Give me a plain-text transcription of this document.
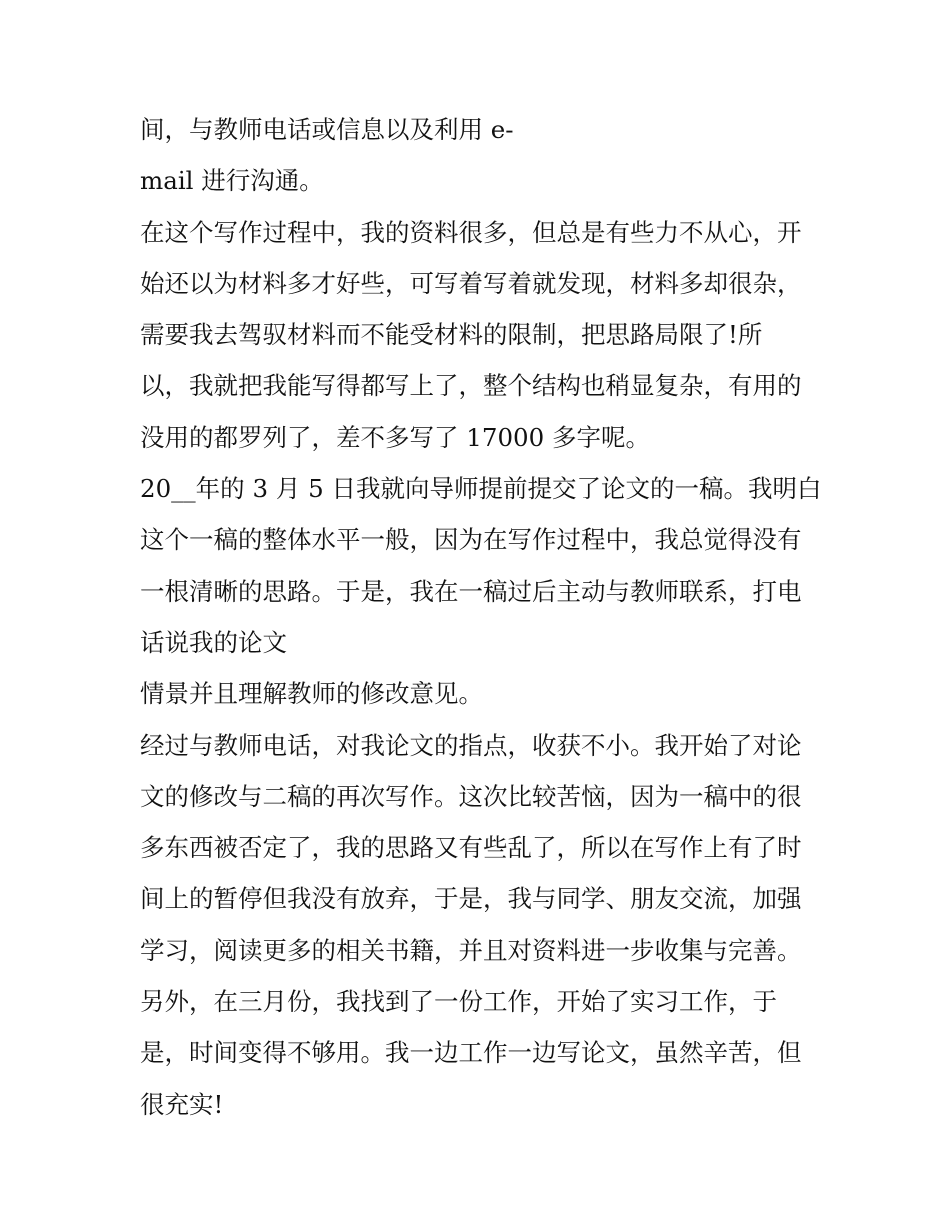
间，与教师电话或信息以及利用 e-
mail 进行沟通。
在这个写作过程中，我的资料很多，但总是有些力不从心，开
始还以为材料多才好些，可写着写着就发现，材料多却很杂，
需要我去驾驭材料而不能受材料的限制，把思路局限了!所
以，我就把我能写得都写上了，整个结构也稍显复杂，有用的
没用的都罗列了，差不多写了 17000 多字呢。
20__年的 3 月 5 日我就向导师提前提交了论文的一稿。我明白
这个一稿的整体水平一般，因为在写作过程中，我总觉得没有
一根清晰的思路。于是，我在一稿过后主动与教师联系，打电
话说我的论文
情景并且理解教师的修改意见。
经过与教师电话，对我论文的指点，收获不小。我开始了对论
文的修改与二稿的再次写作。这次比较苦恼，因为一稿中的很
多东西被否定了，我的思路又有些乱了，所以在写作上有了时
间上的暂停但我没有放弃，于是，我与同学、朋友交流，加强
学习，阅读更多的相关书籍，并且对资料进一步收集与完善。
另外，在三月份，我找到了一份工作，开始了实习工作，于
是，时间变得不够用。我一边工作一边写论文，虽然辛苦，但
很充实!
